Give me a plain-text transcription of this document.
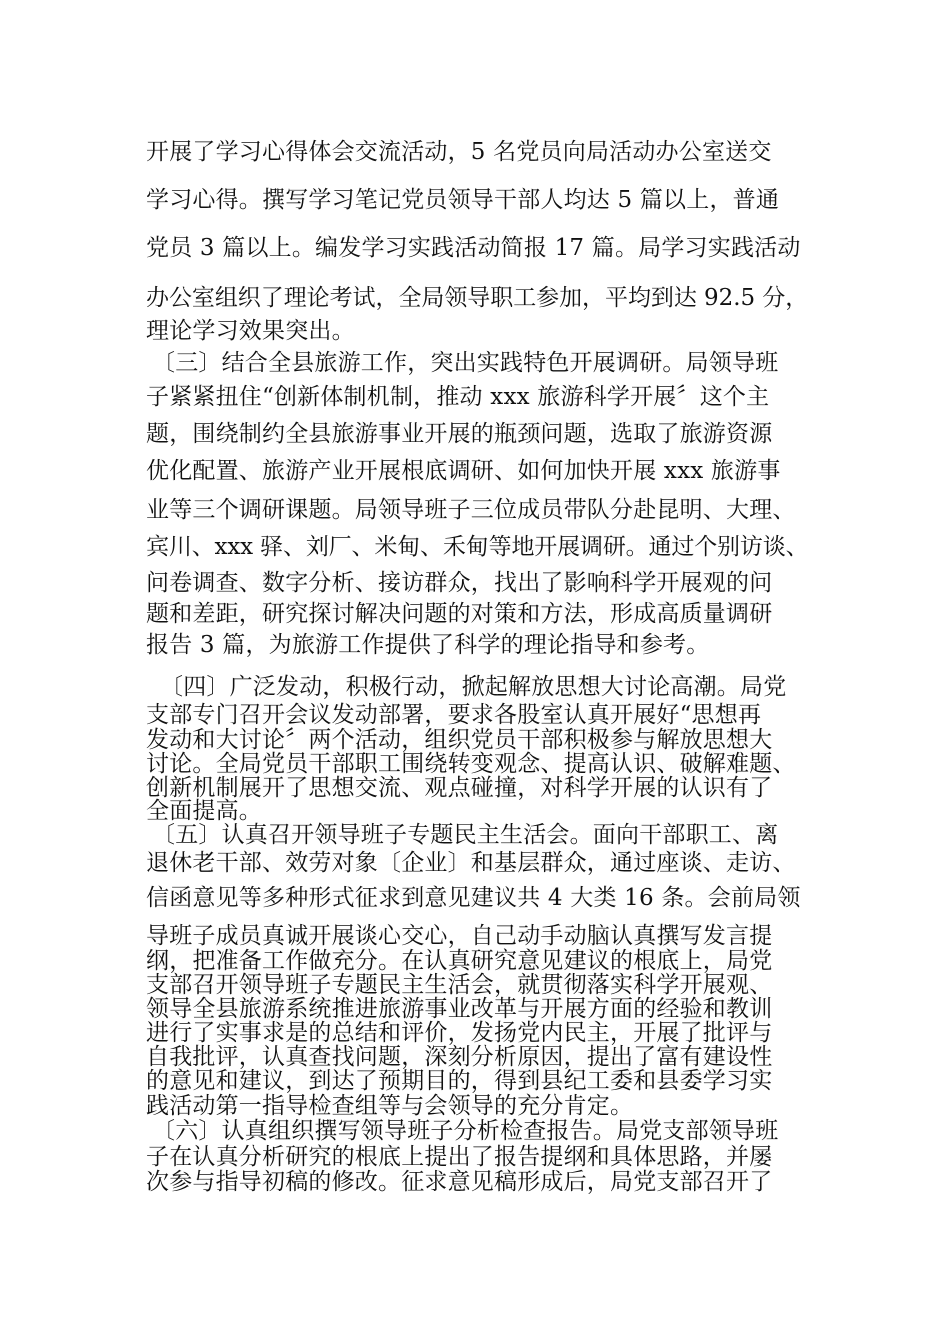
开展了学习心得体会交流活动，5 名党员向局活动办公室送交
学习心得。撰写学习笔记党员领导干部人均达 5 篇以上，普通
党员 3 篇以上。编发学习实践活动简报 17 篇。局学习实践活动
办公室组织了理论考试，全局领导职工参加，平均到达 92.5 分，
理论学习效果突出。
〔三〕结合全县旅游工作，突出实践特色开展调研。局领导班
子紧紧扭住“创新体制机制，推动 xxx 旅游科学开展〞这个主
题，围绕制约全县旅游事业开展的瓶颈问题，选取了旅游资源
优化配置、旅游产业开展根底调研、如何加快开展 xxx 旅游事
业等三个调研课题。局领导班子三位成员带队分赴昆明、大理、
宾川、xxx 驿、刘厂、米甸、禾甸等地开展调研。通过个别访谈、
问卷调查、数字分析、接访群众，找出了影响科学开展观的问
题和差距，研究探讨解决问题的对策和方法，形成高质量调研
报告 3 篇，为旅游工作提供了科学的理论指导和参考。
〔四〕广泛发动，积极行动，掀起解放思想大讨论高潮。局党
支部专门召开会议发动部署，要求各股室认真开展好“思想再
发动和大讨论〞两个活动，组织党员干部积极参与解放思想大
讨论。全局党员干部职工围绕转变观念、提高认识、破解难题、
创新机制展开了思想交流、观点碰撞，对科学开展的认识有了
全面提高。
〔五〕认真召开领导班子专题民主生活会。面向干部职工、离
退休老干部、效劳对象〔企业〕和基层群众，通过座谈、走访、
信函意见等多种形式征求到意见建议共 4 大类 16 条。会前局领
导班子成员真诚开展谈心交心，自己动手动脑认真撰写发言提
纲，把准备工作做充分。在认真研究意见建议的根底上，局党
支部召开领导班子专题民主生活会，就贯彻落实科学开展观、
领导全县旅游系统推进旅游事业改革与开展方面的经验和教训
进行了实事求是的总结和评价，发扬党内民主，开展了批评与
自我批评，认真查找问题，深刻分析原因，提出了富有建设性
的意见和建议，到达了预期目的，得到县纪工委和县委学习实
践活动第一指导检查组等与会领导的充分肯定。
〔六〕认真组织撰写领导班子分析检查报告。局党支部领导班
子在认真分析研究的根底上提出了报告提纲和具体思路，并屡
次参与指导初稿的修改。征求意见稿形成后，局党支部召开了
